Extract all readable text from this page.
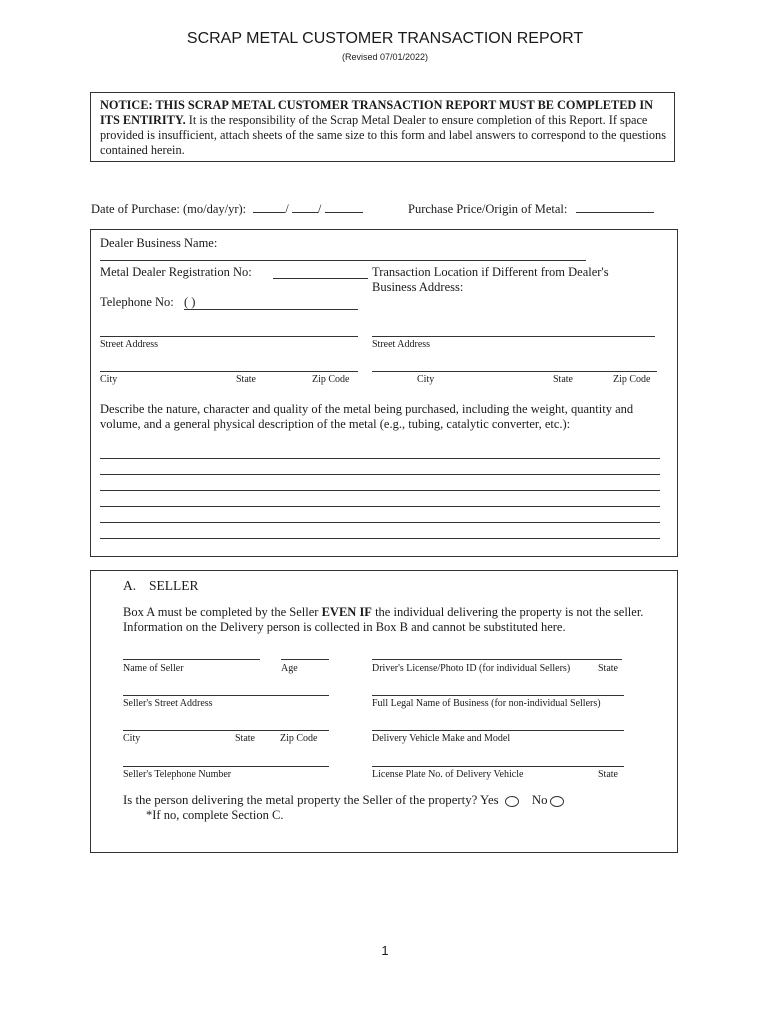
SCRAP METAL CUSTOMER TRANSACTION REPORT
(Revised 07/01/2022)
NOTICE: THIS SCRAP METAL CUSTOMER TRANSACTION REPORT MUST BE COMPLETED IN ITS ENTIRITY. It is the responsibility of the Scrap Metal Dealer to ensure completion of this Report. If space provided is insufficient, attach sheets of the same size to this form and label answers to correspond to the questions contained herein.
Date of Purchase: (mo/day/yr):	/ /	Purchase Price/Origin of Metal:
Dealer Business Name:
Metal Dealer Registration No:	Transaction Location if Different from Dealer's
Business Address:
Telephone No: ( )
Street Address	Street Address
City	State	Zip Code	City	State	Zip Code
Describe the nature, character and quality of the metal being purchased, including the weight, quantity and volume, and a general physical description of the metal (e.g., tubing, catalytic converter, etc.):
A. SELLER
Box A must be completed by the Seller EVEN IF the individual delivering the property is not the seller. Information on the Delivery person is collected in Box B and cannot be substituted here.
Name of Seller	Age	Driver's License/Photo ID (for individual Sellers)	State
Seller's Street Address	Full Legal Name of Business (for non-individual Sellers)
City	State	Zip Code	Delivery Vehicle Make and Model
Seller's Telephone Number	License Plate No. of Delivery Vehicle	State
Is the person delivering the metal property the Seller of the property? Yes	No
*If no, complete Section C.
1
